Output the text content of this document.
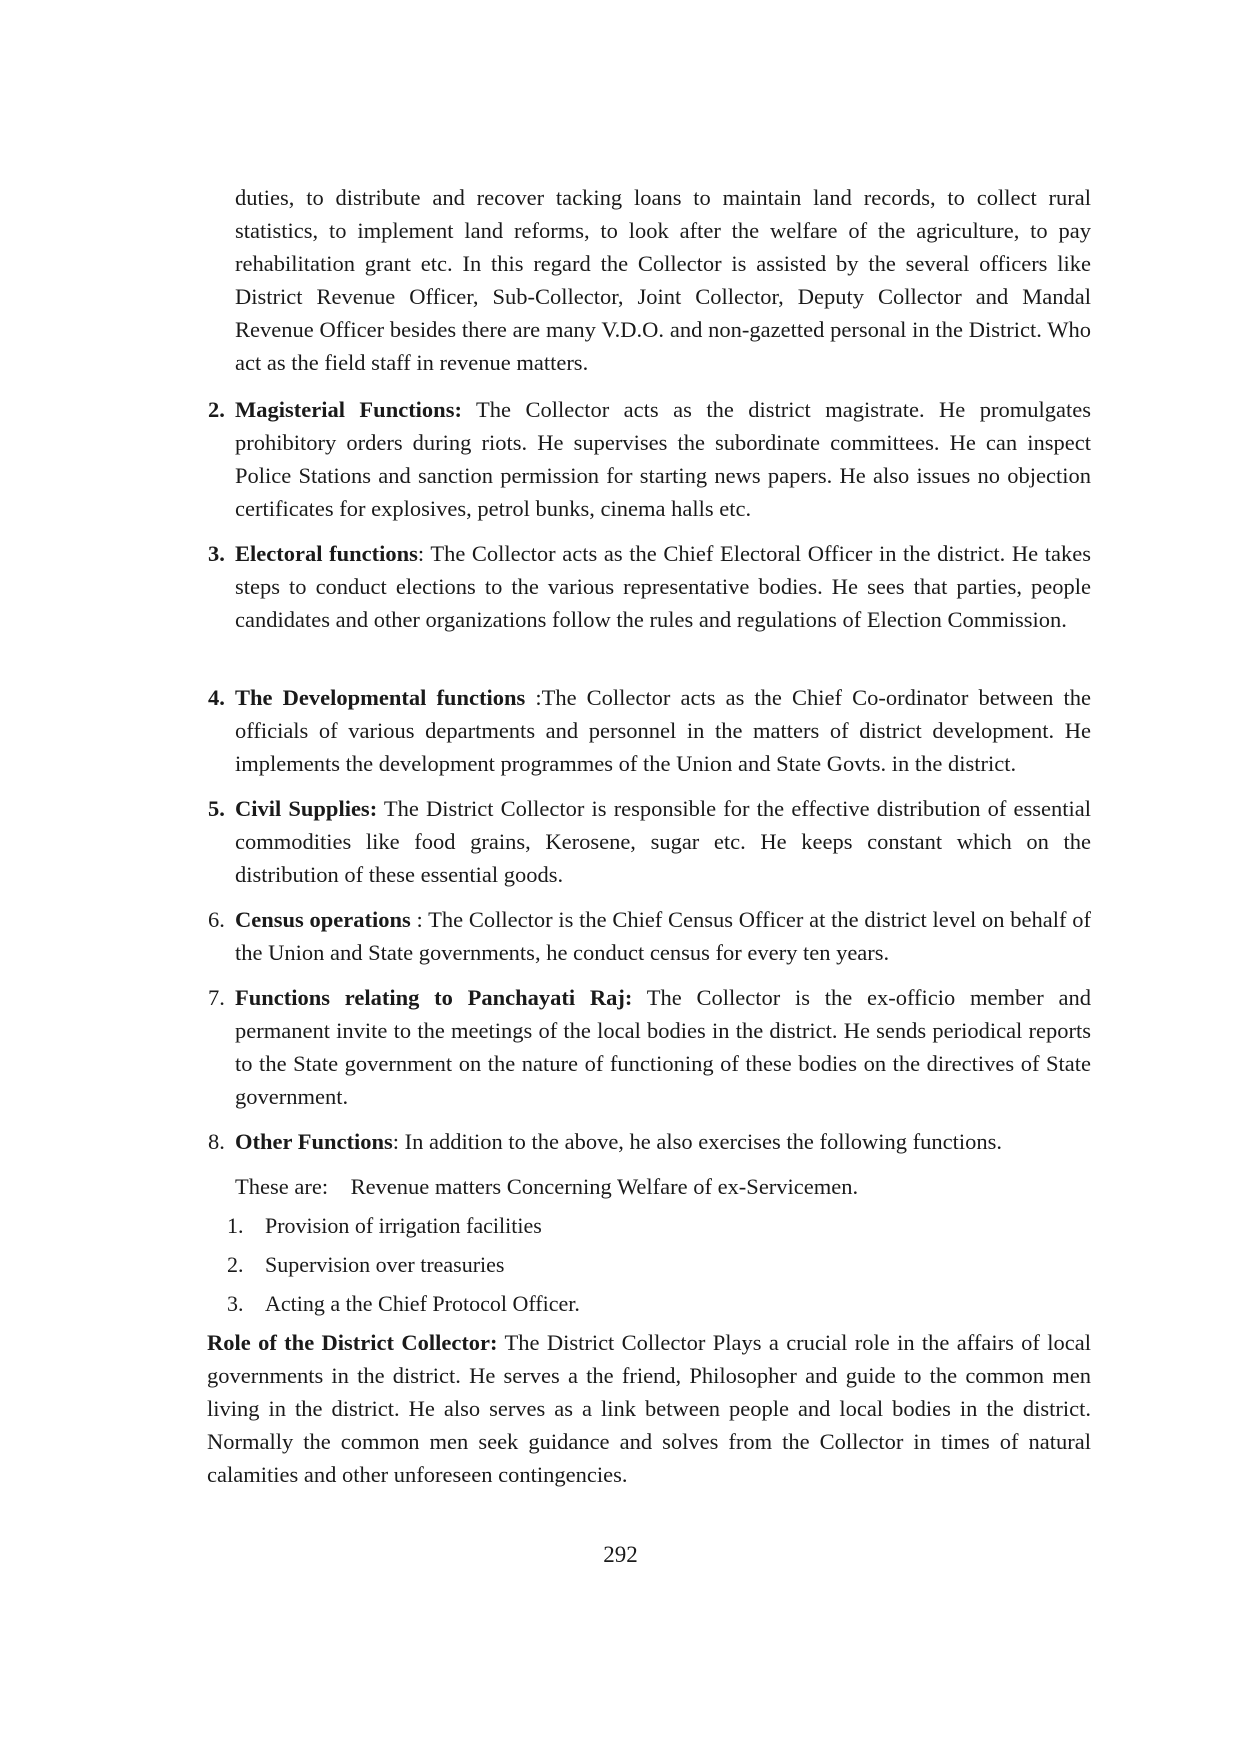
duties, to distribute and recover tacking loans to maintain land records, to collect rural statistics, to implement land reforms, to look after the welfare of the agriculture, to pay rehabilitation grant etc. In this regard the Collector is assisted by the several officers like District Revenue Officer, Sub-Collector, Joint Collector, Deputy Collector and Mandal Revenue Officer besides there are many V.D.O. and non-gazetted personal in the District. Who act as the field staff in revenue matters.

2. Magisterial Functions: The Collector acts as the district magistrate. He promulgates prohibitory orders during riots. He supervises the subordinate committees. He can inspect Police Stations and sanction permission for starting news papers. He also issues no objection certificates for explosives, petrol bunks, cinema halls etc.
3. Electoral functions: The Collector acts as the Chief Electoral Officer in the district. He takes steps to conduct elections to the various representative bodies. He sees that parties, people candidates and other organizations follow the rules and regulations of Election Commission.
4. The Developmental functions :The Collector acts as the Chief Co-ordinator between the officials of various departments and personnel in the matters of district development. He implements the development programmes of the Union and State Govts. in the district.
5. Civil Supplies: The District Collector is responsible for the effective distribution of essential commodities like food grains, Kerosene, sugar etc. He keeps constant which on the distribution of these essential goods.
6. Census operations : The Collector is the Chief Census Officer at the district level on behalf of the Union and State governments, he conduct census for every ten years.
7. Functions relating to Panchayati Raj: The Collector is the ex-officio member and permanent invite to the meetings of the local bodies in the district. He sends periodical reports to the State government on the nature of functioning of these bodies on the directives of State government.
8. Other Functions: In addition to the above, he also exercises the following functions.

These are:    Revenue matters Concerning Welfare of ex-Servicemen.

1. Provision of irrigation facilities

2. Supervision over treasuries

3. Acting a the Chief Protocol Officer.

Role of the District Collector: The District Collector Plays a crucial role in the affairs of local governments in the district. He serves a the friend, Philosopher and guide to the common men living in the district. He also serves as a link between people and local bodies in the district. Normally the common men seek guidance and solves from the Collector in times of natural calamities and other unforeseen contingencies.

292
